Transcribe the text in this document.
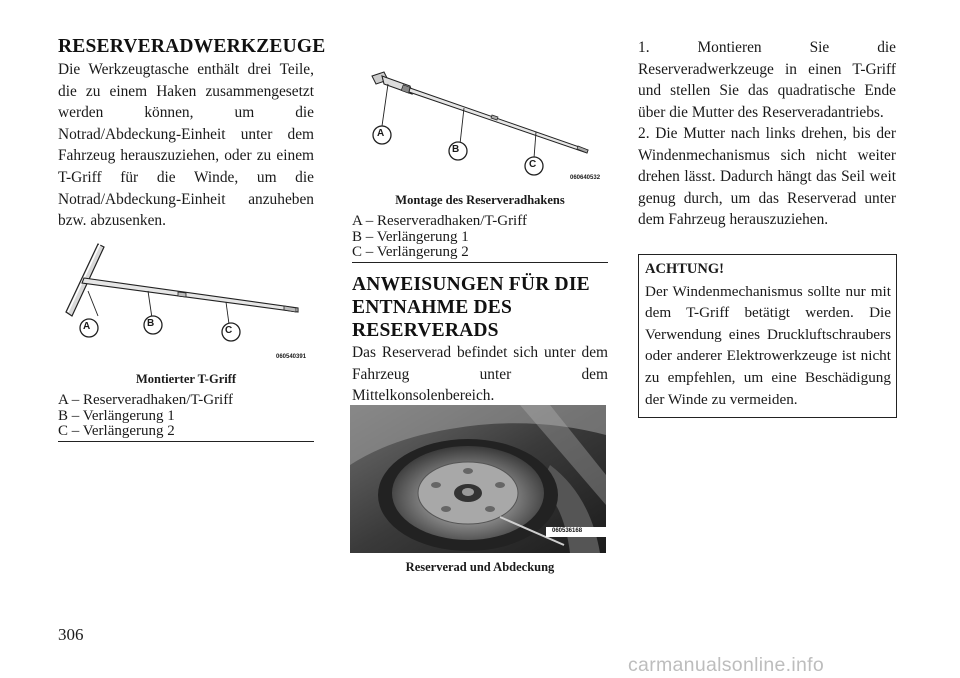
RESERVERADWERKZEUGE

Die Werkzeugtasche enthält drei Teile, die zu einem Haken zusammengesetzt werden können, um die Notrad/Abdeckung-Einheit unter dem Fahrzeug herauszuziehen, oder zu einem T-Griff für die Winde, um die Notrad/Abdeckung-Einheit anzuheben bzw. abzusenken.

A	B
C
060540391
Montierter T-Griff
A – Reserveradhaken/T-Griff
B – Verlängerung 1
C – Verlängerung 2
A
B
C
060640532
Montage des Reserveradhakens
A – Reserveradhaken/T-Griff
B – Verlängerung 1
C – Verlängerung 2
ANWEISUNGEN FÜR DIE
ENTNAHME DES
RESERVERADS

Das Reserverad befindet sich unter dem Fahrzeug unter dem Mittelkonsolenbereich.

060536168
Reserverad und Abdeckung

1. Montieren Sie die Reserveradwerkzeuge in einen T-Griff und stellen Sie das quadratische Ende über die Mutter des Reserveradantriebs.

2. Die Mutter nach links drehen, bis der Windenmechanismus sich nicht weiter drehen lässt. Dadurch hängt das Seil weit genug durch, um das Reserverad unter dem Fahrzeug herauszuziehen.

ACHTUNG!
Der Windenmechanismus sollte nur mit dem T-Griff betätigt werden. Die Verwendung eines Druckluftschraubers oder anderer Elektrowerkzeuge ist nicht zu empfehlen, um eine Beschädigung der Winde zu vermeiden.
306
carmanualsonline.info
